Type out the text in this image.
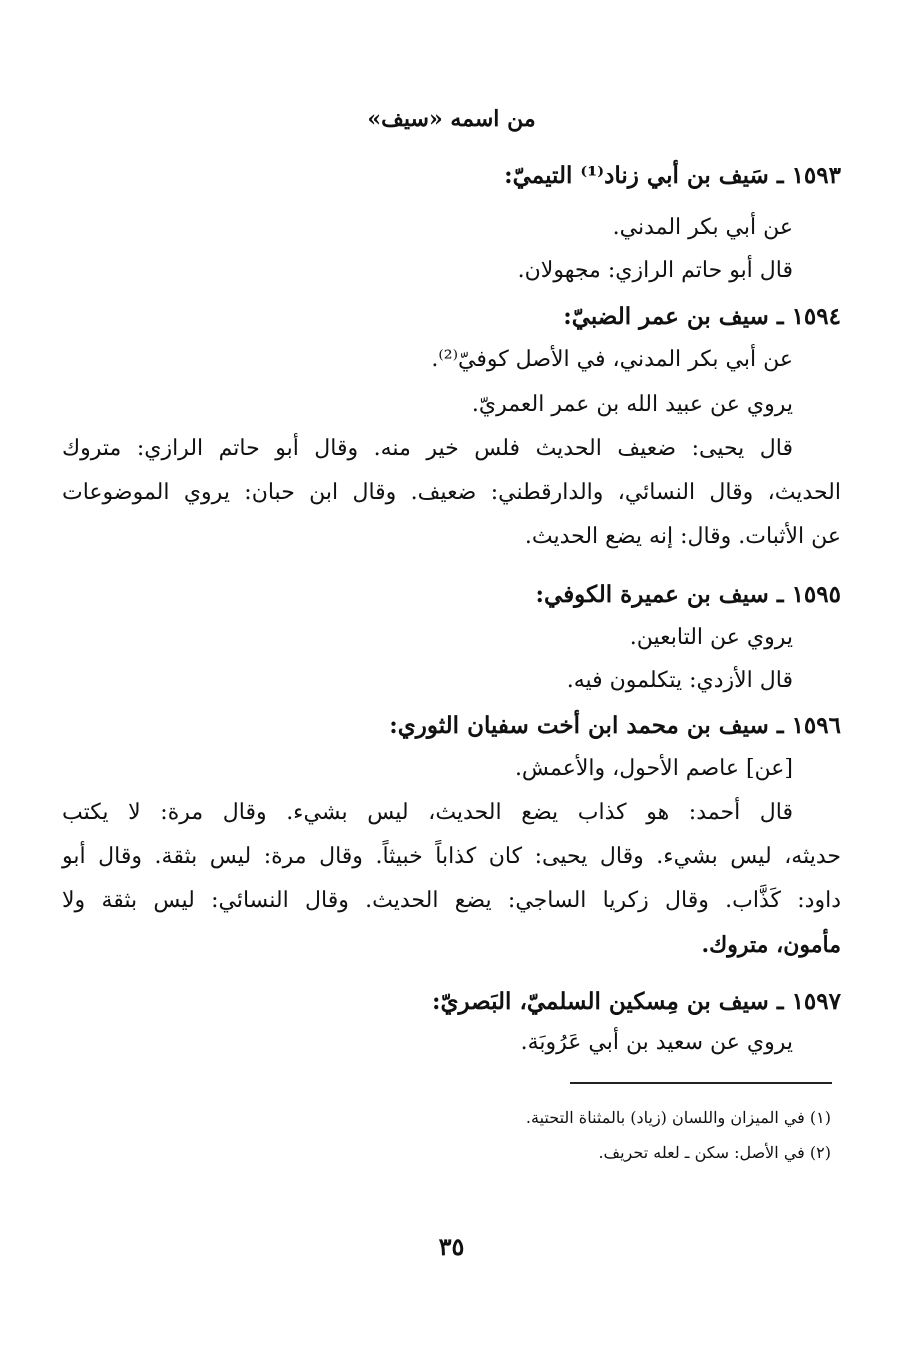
من اسمه «سيف»
١٥٩٣ ـ سَيف بن أبي زناد⁽¹⁾ التيميّ:
عن أبي بكر المدني.
قال أبو حاتم الرازي: مجهولان.
١٥٩٤ ـ سيف بن عمر الضبيّ:
عن أبي بكر المدني، في الأصل كوفيّ⁽²⁾.
يروي عن عبيد الله بن عمر العمريّ.
قال يحيى: ضعيف الحديث فلس خير منه. وقال أبو حاتم الرازي: متروك
الحديث، وقال النسائي، والدارقطني: ضعيف. وقال ابن حبان: يروي الموضوعات
عن الأثبات. وقال: إنه يضع الحديث.
١٥٩٥ ـ سيف بن عميرة الكوفي:
يروي عن التابعين.
قال الأزدي: يتكلمون فيه.
١٥٩٦ ـ سيف بن محمد ابن أخت سفيان الثوري:
[عن] عاصم الأحول، والأعمش.
قال أحمد: هو كذاب يضع الحديث، ليس بشيء. وقال مرة: لا يكتب
حديثه، ليس بشيء. وقال يحيى: كان كذاباً خبيثاً. وقال مرة: ليس بثقة. وقال أبو
داود: كَذَّاب. وقال زكريا الساجي: يضع الحديث. وقال النسائي: ليس بثقة ولا
مأمون، متروك.
١٥٩٧ ـ سيف بن مِسكين السلميّ، البَصريّ:
يروي عن سعيد بن أبي عَرُوبَة.
(١) في الميزان واللسان (زياد) بالمثناة التحتية.
(٢) في الأصل: سكن ـ لعله تحريف.
٣٥
